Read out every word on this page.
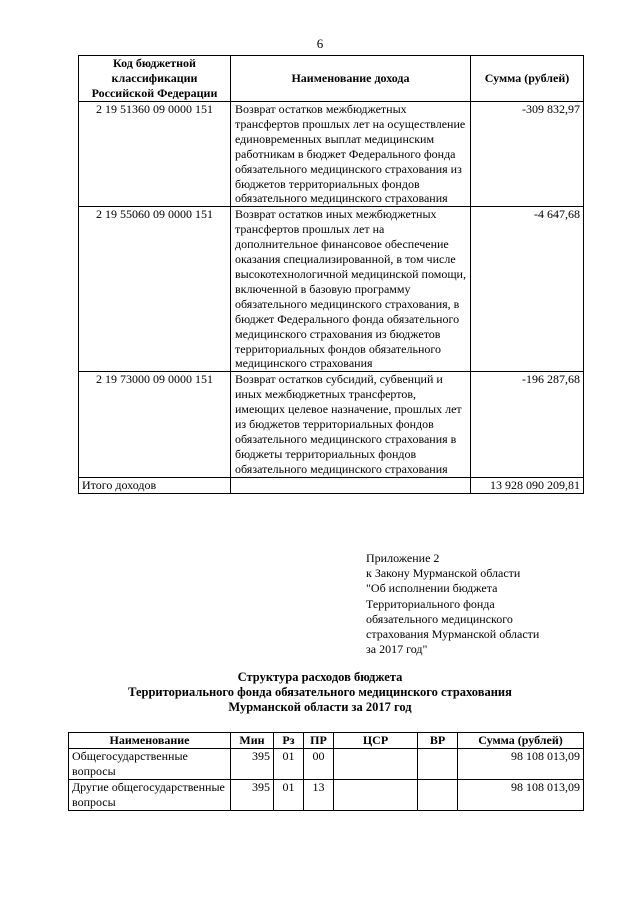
6
Код бюджетной классификации Российской Федерации	Наименование дохода	Сумма (рублей)
2 19 51360 09 0000 151	Возврат остатков межбюджетных трансфертов прошлых лет на осуществление единовременных выплат медицинским работникам в бюджет Федерального фонда обязательного медицинского страхования из бюджетов территориальных фондов обязательного медицинского страхования	-309 832,97
2 19 55060 09 0000 151	Возврат остатков иных межбюджетных трансфертов прошлых лет на дополнительное финансовое обеспечение оказания специализированной, в том числе высокотехнологичной медицинской помощи, включенной в базовую программу обязательного медицинского страхования, в бюджет Федерального фонда обязательного медицинского страхования из бюджетов территориальных фондов обязательного медицинского страхования	-4 647,68
2 19 73000 09 0000 151	Возврат остатков субсидий, субвенций и иных межбюджетных трансфертов, имеющих целевое назначение, прошлых лет из бюджетов территориальных фондов обязательного медицинского страхования в бюджеты территориальных фондов обязательного медицинского страхования	-196 287,68
Итого доходов		13 928 090 209,81
Приложение 2
к Закону Мурманской области
"Об исполнении бюджета
Территориального фонда
обязательного медицинского
страхования Мурманской области
за 2017 год"
Структура расходов бюджета
Территориального фонда обязательного медицинского страхования
Мурманской области за 2017 год
Наименование	Мин	Рз	ПР	ЦСР	ВР	Сумма (рублей)
Общегосударственные вопросы	395	01	00			98 108 013,09
Другие общегосударственные вопросы	395	01	13			98 108 013,09
